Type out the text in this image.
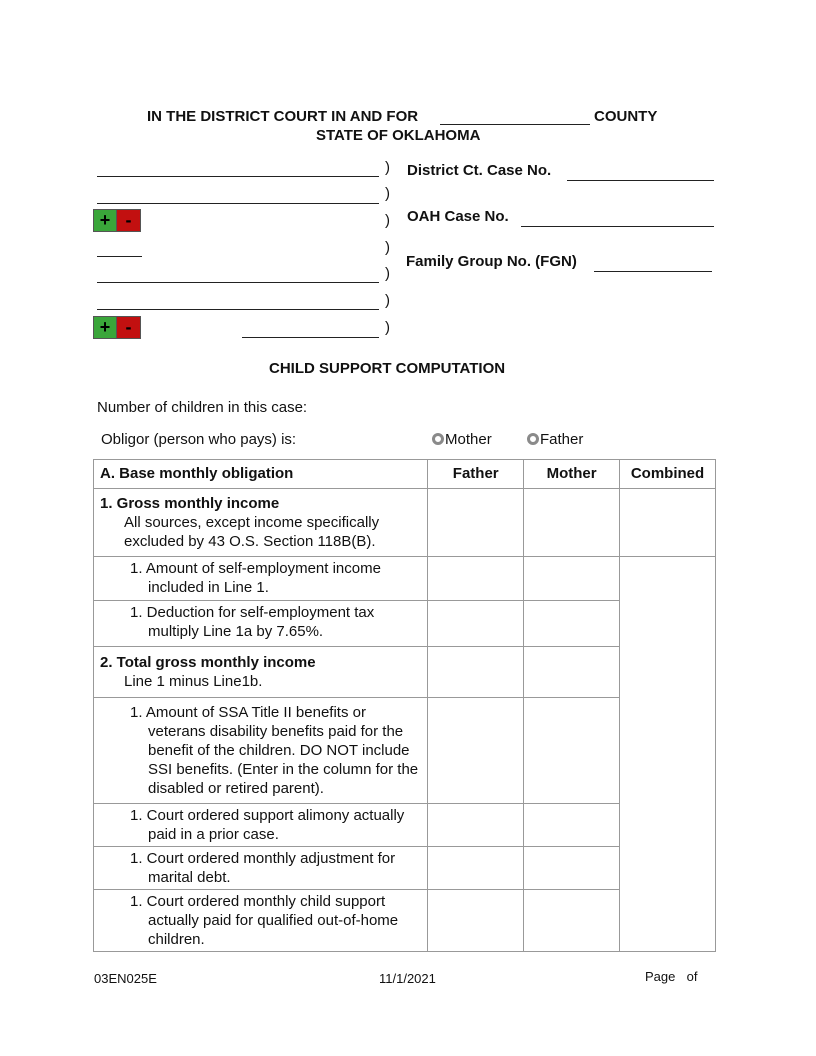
IN THE DISTRICT COURT IN AND FOR	COUNTY
STATE OF OKLAHOMA
)
)
+ -	)
)
)
)
+ -	)
District Ct. Case No.
OAH Case No.
Family Group No. (FGN)
CHILD SUPPORT COMPUTATION
Number of children in this case:
Obligor (person who pays) is:	Mother	Father
A. Base monthly obligation	Father	Mother	Combined

1. Gross monthly income
All sources, except income specifically excluded by 43 O.S. Section 118B(B).			

1. Amount of self-employment income included in Line 1.			

1. Deduction for self-employment tax multiply Line 1a by 7.65%.			

2. Total gross monthly income
Line 1 minus Line1b.			

1. Amount of SSA Title II benefits or veterans disability benefits paid for the benefit of the children. DO NOT include SSI benefits. (Enter in the column for the disabled or retired parent).			

1. Court ordered support alimony actually paid in a prior case.			

1. Court ordered monthly adjustment for marital debt.			

1. Court ordered monthly child support actually paid for qualified out-of-home children.			

03EN025E	11/1/2021	Page of
